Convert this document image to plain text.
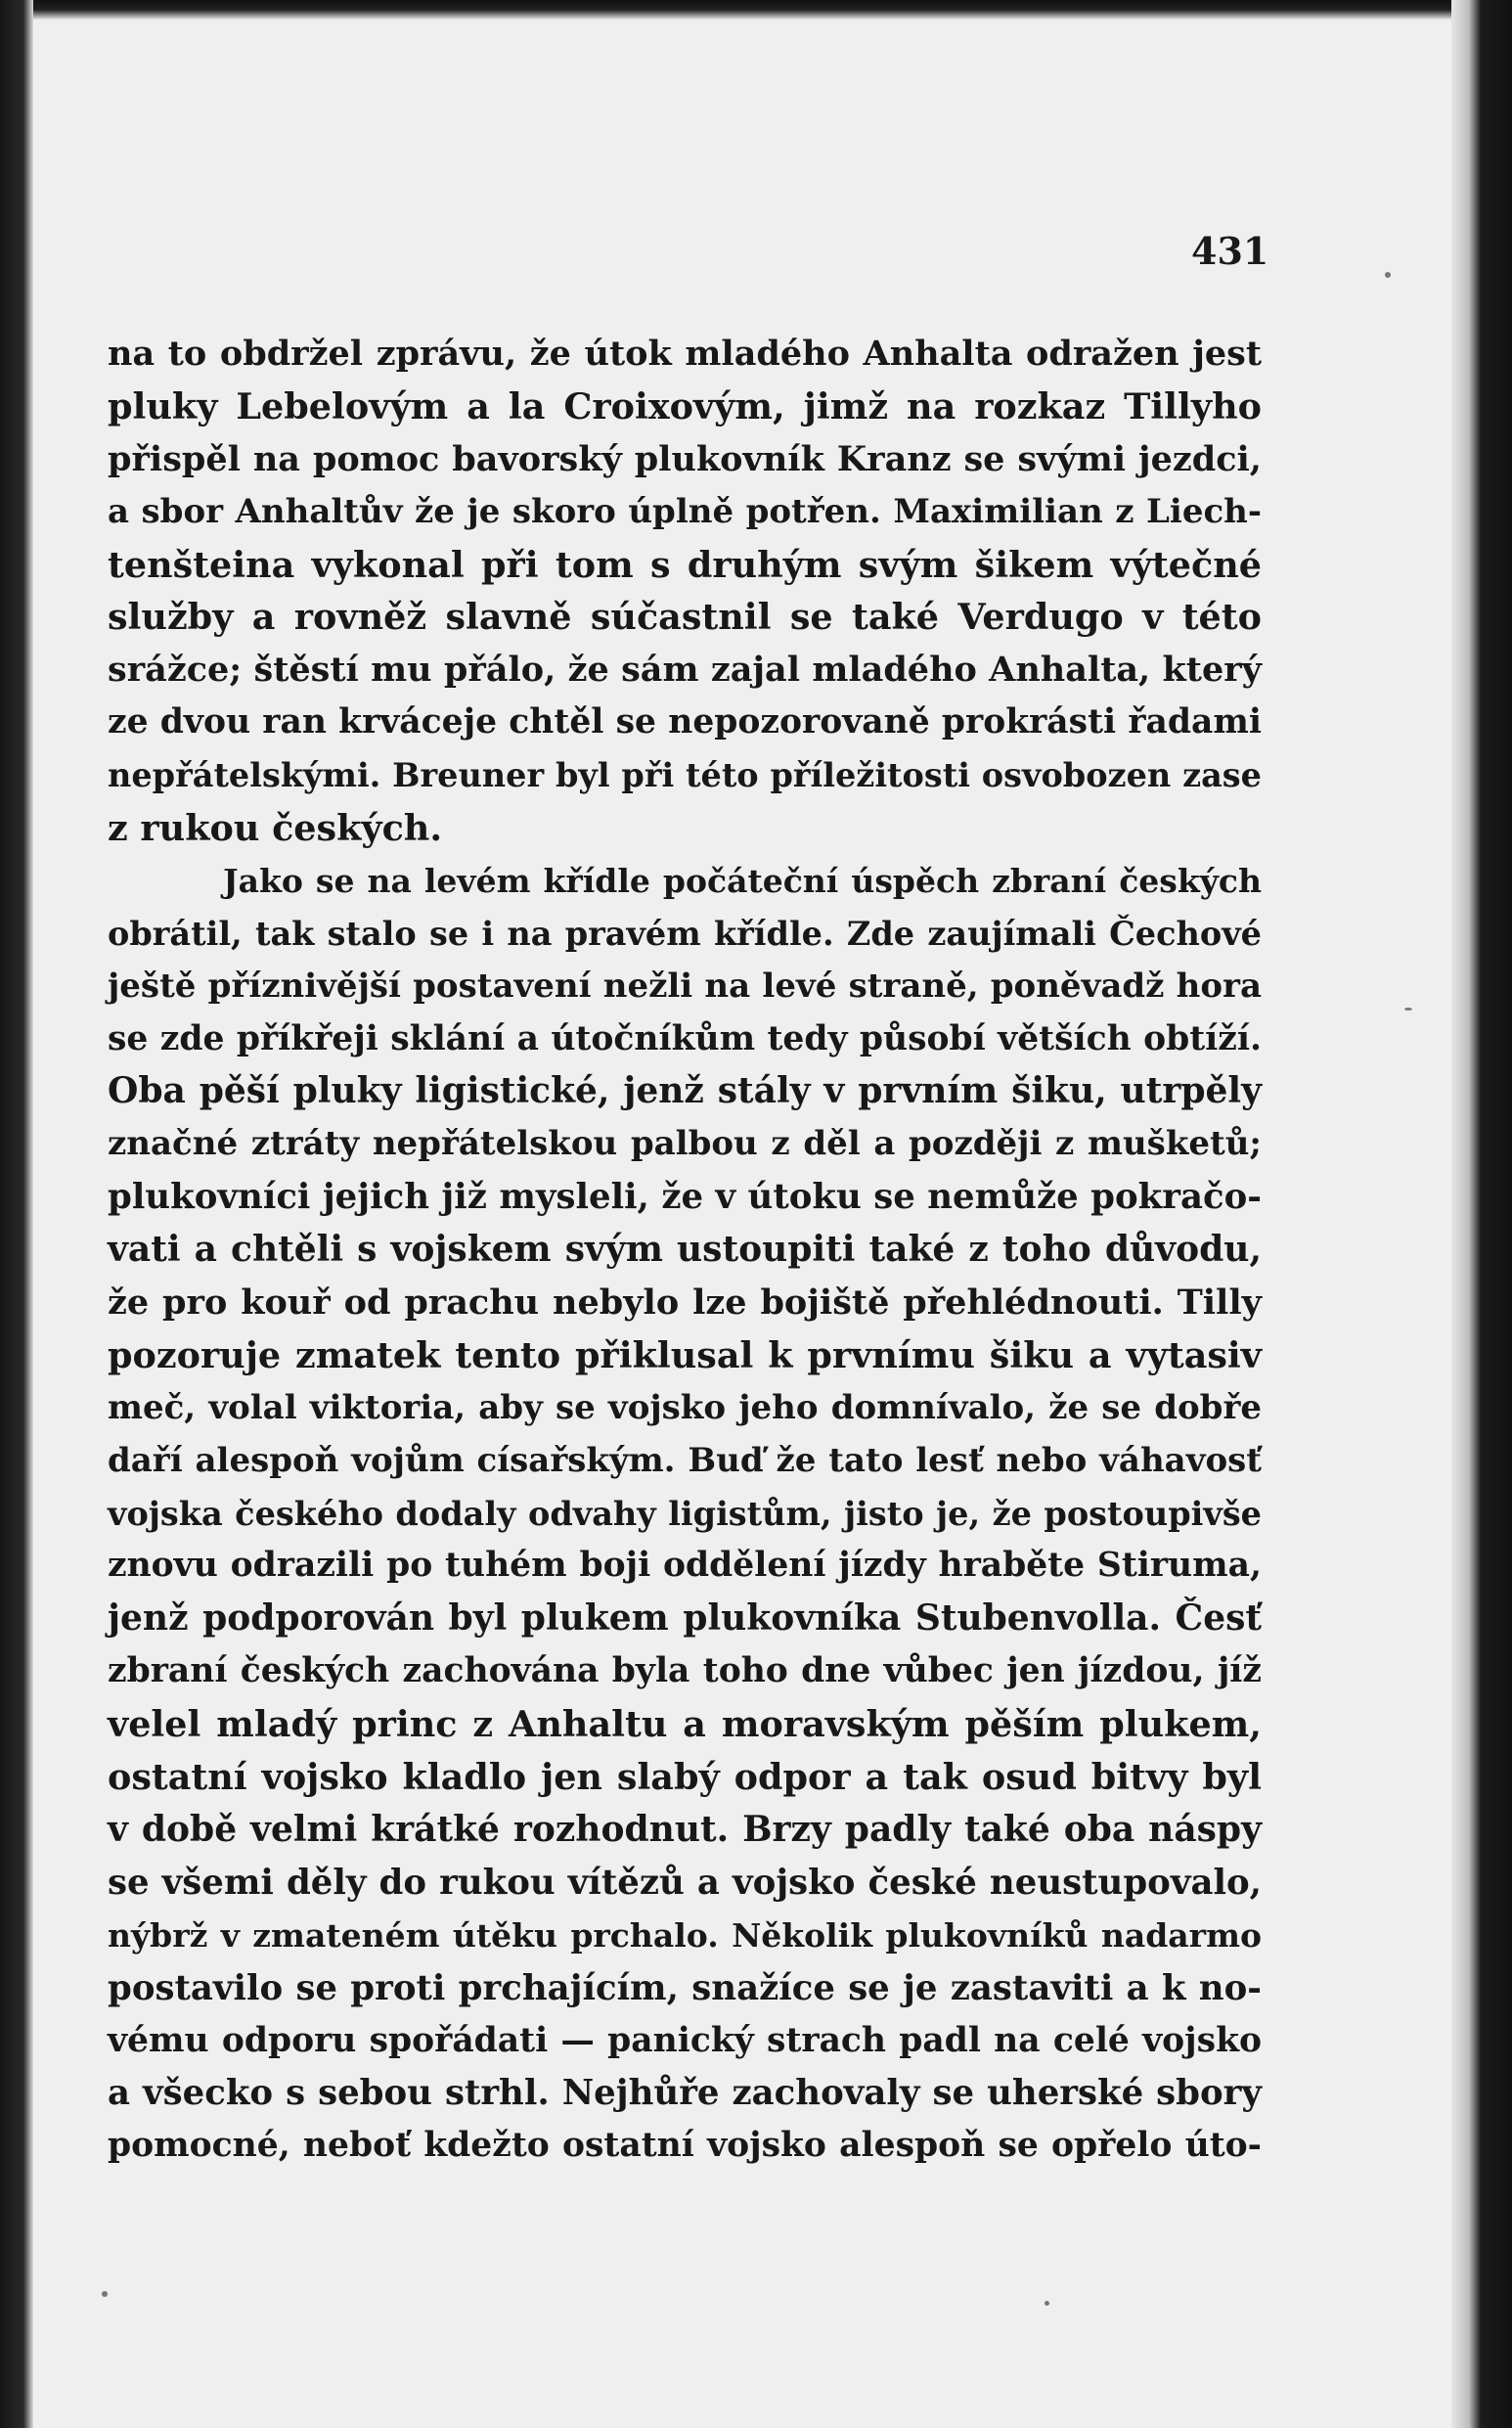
431
na to obdržel zprávu, že útok mladého Anhalta odražen jest
pluky Lebelovým a la Croixovým, jimž na rozkaz Tillyho
přispěl na pomoc bavorský plukovník Kranz se svými jezdci,
a sbor Anhaltův že je skoro úplně potřen. Maximilian z Liech-
tenšteina vykonal při tom s druhým svým šikem výtečné
služby a rovněž slavně súčastnil se také Verdugo v této
srážce; štěstí mu přálo, že sám zajal mladého Anhalta, který
ze dvou ran krváceje chtěl se nepozorovaně prokrásti řadami
nepřátelskými. Breuner byl při této příležitosti osvobozen zase
z rukou českých.
Jako se na levém křídle počáteční úspěch zbraní českých
obrátil, tak stalo se i na pravém křídle. Zde zaujímali Čechové
ještě příznivější postavení nežli na levé straně, poněvadž hora
se zde příkřeji sklání a útočníkům tedy působí větších obtíží.
Oba pěší pluky ligistické, jenž stály v prvním šiku, utrpěly
značné ztráty nepřátelskou palbou z děl a později z mušketů;
plukovníci jejich již mysleli, že v útoku se nemůže pokračo-
vati a chtěli s vojskem svým ustoupiti také z toho důvodu,
že pro kouř od prachu nebylo lze bojiště přehlédnouti. Tilly
pozoruje zmatek tento přiklusal k prvnímu šiku a vytasiv
meč, volal viktoria, aby se vojsko jeho domnívalo, že se dobře
daří alespoň vojům císařským. Buď že tato lesť nebo váhavosť
vojska českého dodaly odvahy ligistům, jisto je, že postoupivše
znovu odrazili po tuhém boji oddělení jízdy hraběte Stiruma,
jenž podporován byl plukem plukovníka Stubenvolla. Česť
zbraní českých zachována byla toho dne vůbec jen jízdou, jíž
velel mladý princ z Anhaltu a moravským pěším plukem,
ostatní vojsko kladlo jen slabý odpor a tak osud bitvy byl
v době velmi krátké rozhodnut. Brzy padly také oba náspy
se všemi děly do rukou vítězů a vojsko české neustupovalo,
nýbrž v zmateném útěku prchalo. Několik plukovníků nadarmo
postavilo se proti prchajícím, snažíce se je zastaviti a k no-
vému odporu spořádati — panický strach padl na celé vojsko
a všecko s sebou strhl. Nejhůře zachovaly se uherské sbory
pomocné, neboť kdežto ostatní vojsko alespoň se opřelo úto-
